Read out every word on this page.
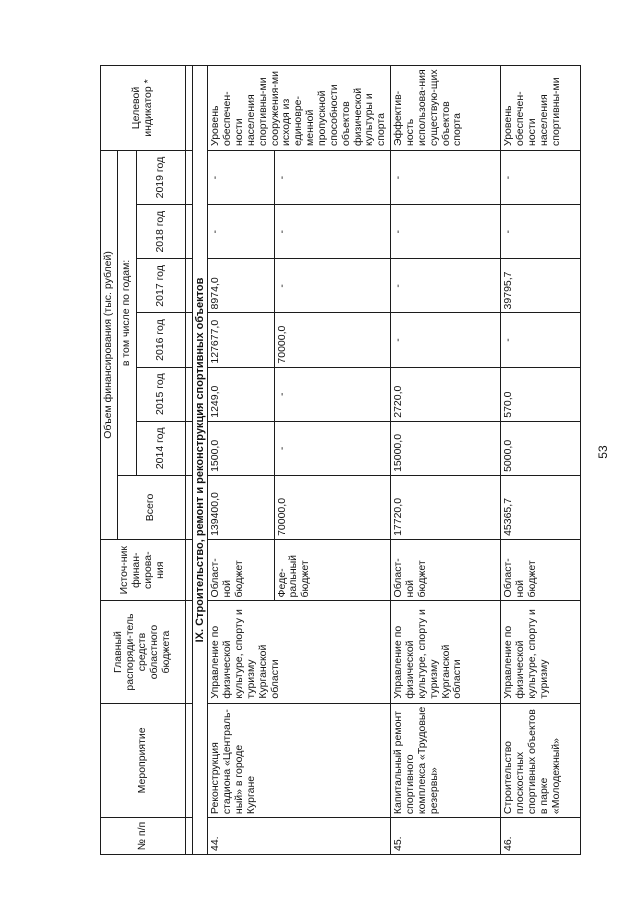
53
№ п/п	Мероприятие	Главный распоряди-тель средств областного бюджета	Источ-ник финан-сирова-ния	Объем финансирования (тыс. рублей)							Целевой индикатор *
				Всего	в том числе по годам:						
					2014 год	2015 год	2016 год	2017 год	2018 год	2019 год	

IX. Строительство, ремонт и реконструкция спортивных объектов											
44.	Реконструкция стадиона «Централь-ный» в городе Кургане	Управление по физической культуре, спорту и туризму Курганской области	Област-ной бюджет	139400,0	1500,0	1249,0	127677,0	8974,0	-	-	Уровень обеспечен-ности населения спортивны-ми сооружения-ми исходя из единовре-менной пропускной способности объектов физической культуры и спорта
			Феде-ральный бюджет	70000,0	-	-	70000,0	-	-	-	
45.	Капитальный ремонт спортивного комплекса «Трудовые резервы»	Управление по физической культуре, спорту и туризму Курганской области	Област-ной бюджет	17720,0	15000,0	2720,0	-	-	-	-	Эффектив-ность использова-ния существую-щих объектов спорта
46.	Строительство плоскостных спортивных объектов в парке «Молодежный»	Управление по физической культуре, спорту и туризму	Област-ной бюджет	45365,7	5000,0	570,0	-	39795,7	-	-	Уровень обеспечен-ности населения спортивны-ми
